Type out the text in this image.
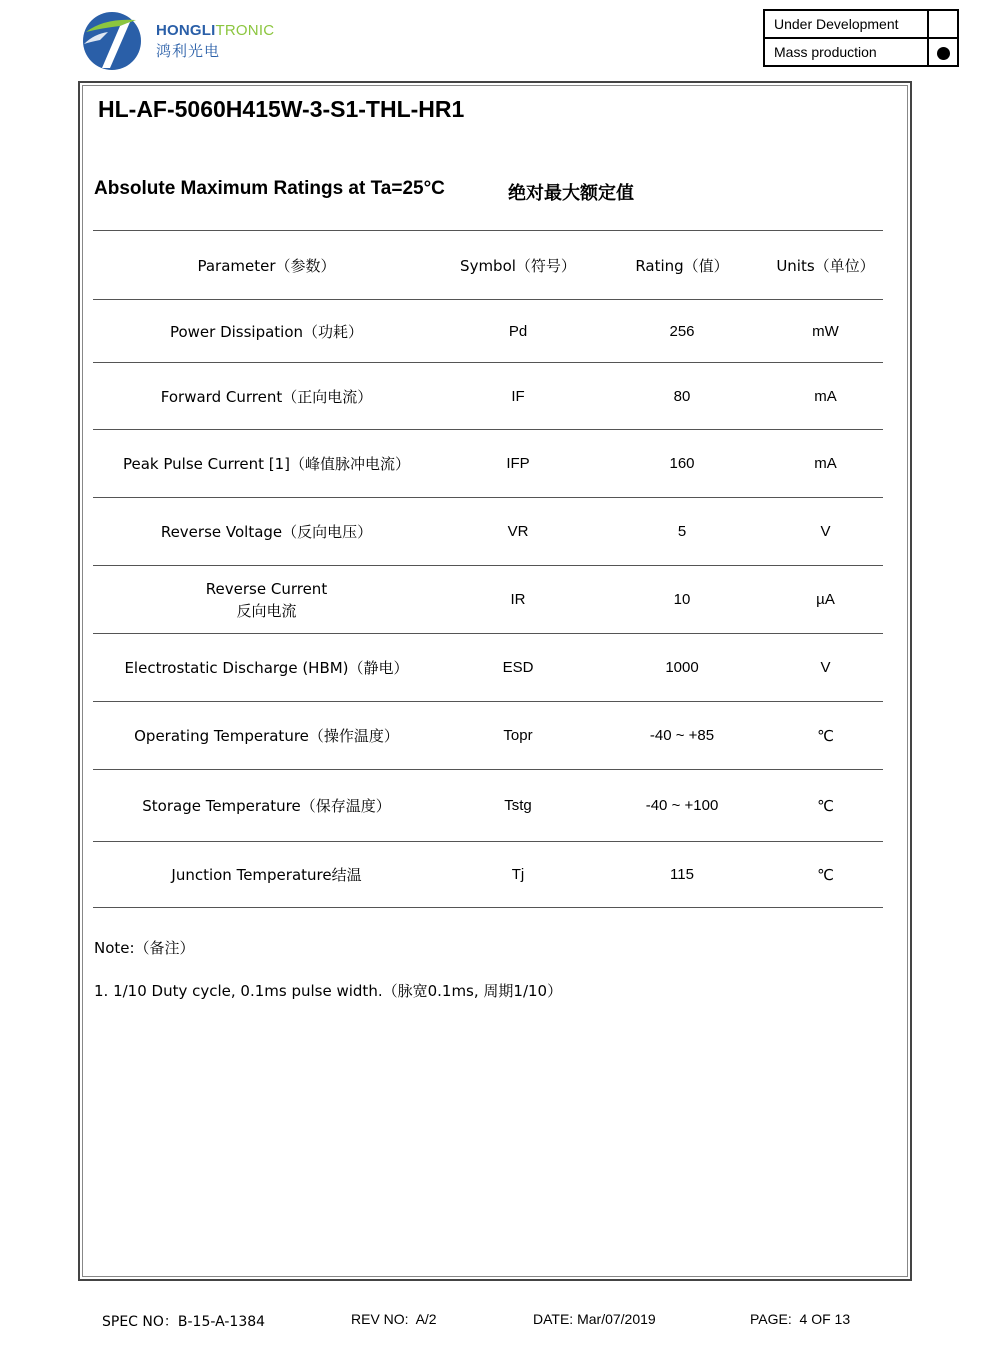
HONGLITRONIC
鸿利光电
Under Development	
Mass production	
HL-AF-5060H415W-3-S1-THL-HR1
Absolute Maximum Ratings at Ta=25°C	绝对最大额定值
Parameter（参数）	Symbol（符号）	Rating（值）	Units（单位）
Power Dissipation（功耗）	Pd	256	mW
Forward Current（正向电流）	IF	80	mA
Peak Pulse Current [1]（峰值脉冲电流）	IFP	160	mA
Reverse Voltage（反向电压）	VR	5	V

Reverse Current
反向电流	IR	10	µA
Electrostatic Discharge (HBM)（静电）	ESD	1000	V
Operating Temperature（操作温度）	Topr	-40 ~ +85	℃
Storage Temperature（保存温度）	Tstg	-40 ~ +100	℃
Junction Temperature结温	Tj	115	℃
Note:（备注）
1. 1/10 Duty cycle, 0.1ms pulse width.（脉宽0.1ms, 周期1/10）
SPEC NO：B-15-A-1384	REV NO:  A/2	DATE: Mar/07/2019	PAGE:  4 OF 13
